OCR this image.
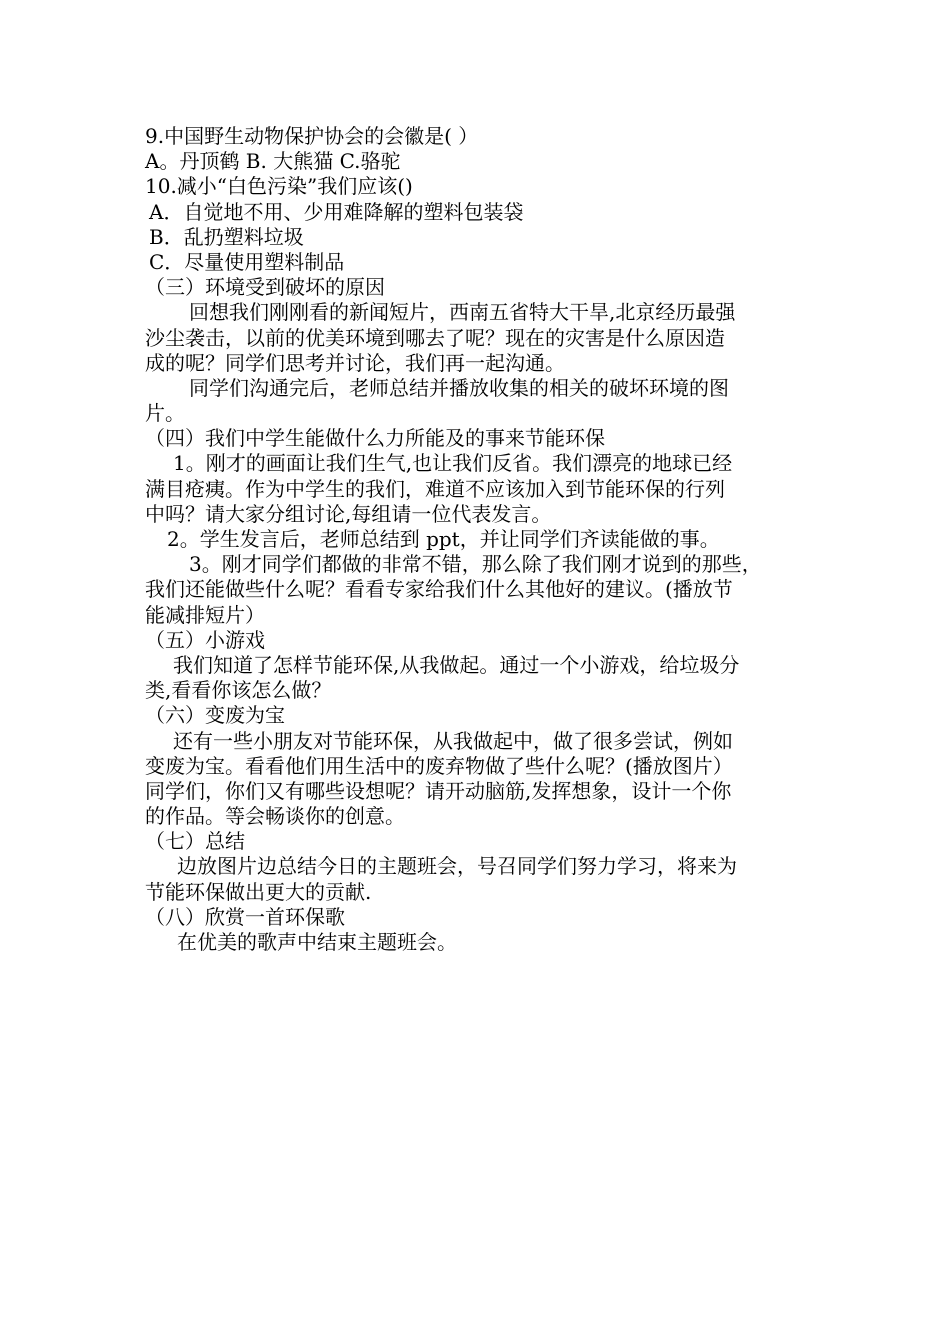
9.中国野生动物保护协会的会徽是( ）
A。丹顶鹤 B. 大熊猫 C.骆驼
10.减小“白色污染”我们应该()
A．自觉地不用、少用难降解的塑料包装袋
B．乱扔塑料垃圾
C．尽量使用塑料制品
（三）环境受到破坏的原因
回想我们刚刚看的新闻短片，西南五省特大干旱,北京经历最强
沙尘袭击，以前的优美环境到哪去了呢？现在的灾害是什么原因造
成的呢？同学们思考并讨论，我们再一起沟通。
同学们沟通完后，老师总结并播放收集的相关的破坏环境的图
片。
（四）我们中学生能做什么力所能及的事来节能环保
1。刚才的画面让我们生气,也让我们反省。我们漂亮的地球已经
满目疮痍。作为中学生的我们，难道不应该加入到节能环保的行列
中吗？请大家分组讨论,每组请一位代表发言。
2。学生发言后，老师总结到 ppt，并让同学们齐读能做的事。
3。刚才同学们都做的非常不错，那么除了我们刚才说到的那些，
我们还能做些什么呢？看看专家给我们什么其他好的建议。(播放节
能减排短片）
（五）小游戏
我们知道了怎样节能环保,从我做起。通过一个小游戏，给垃圾分
类,看看你该怎么做？
（六）变废为宝
还有一些小朋友对节能环保，从我做起中，做了很多尝试，例如
变废为宝。看看他们用生活中的废弃物做了些什么呢？(播放图片）
同学们，你们又有哪些设想呢？请开动脑筋,发挥想象，设计一个你
的作品。等会畅谈你的创意。
（七）总结
边放图片边总结今日的主题班会，号召同学们努力学习，将来为
节能环保做出更大的贡献.
（八）欣赏一首环保歌
在优美的歌声中结束主题班会。
